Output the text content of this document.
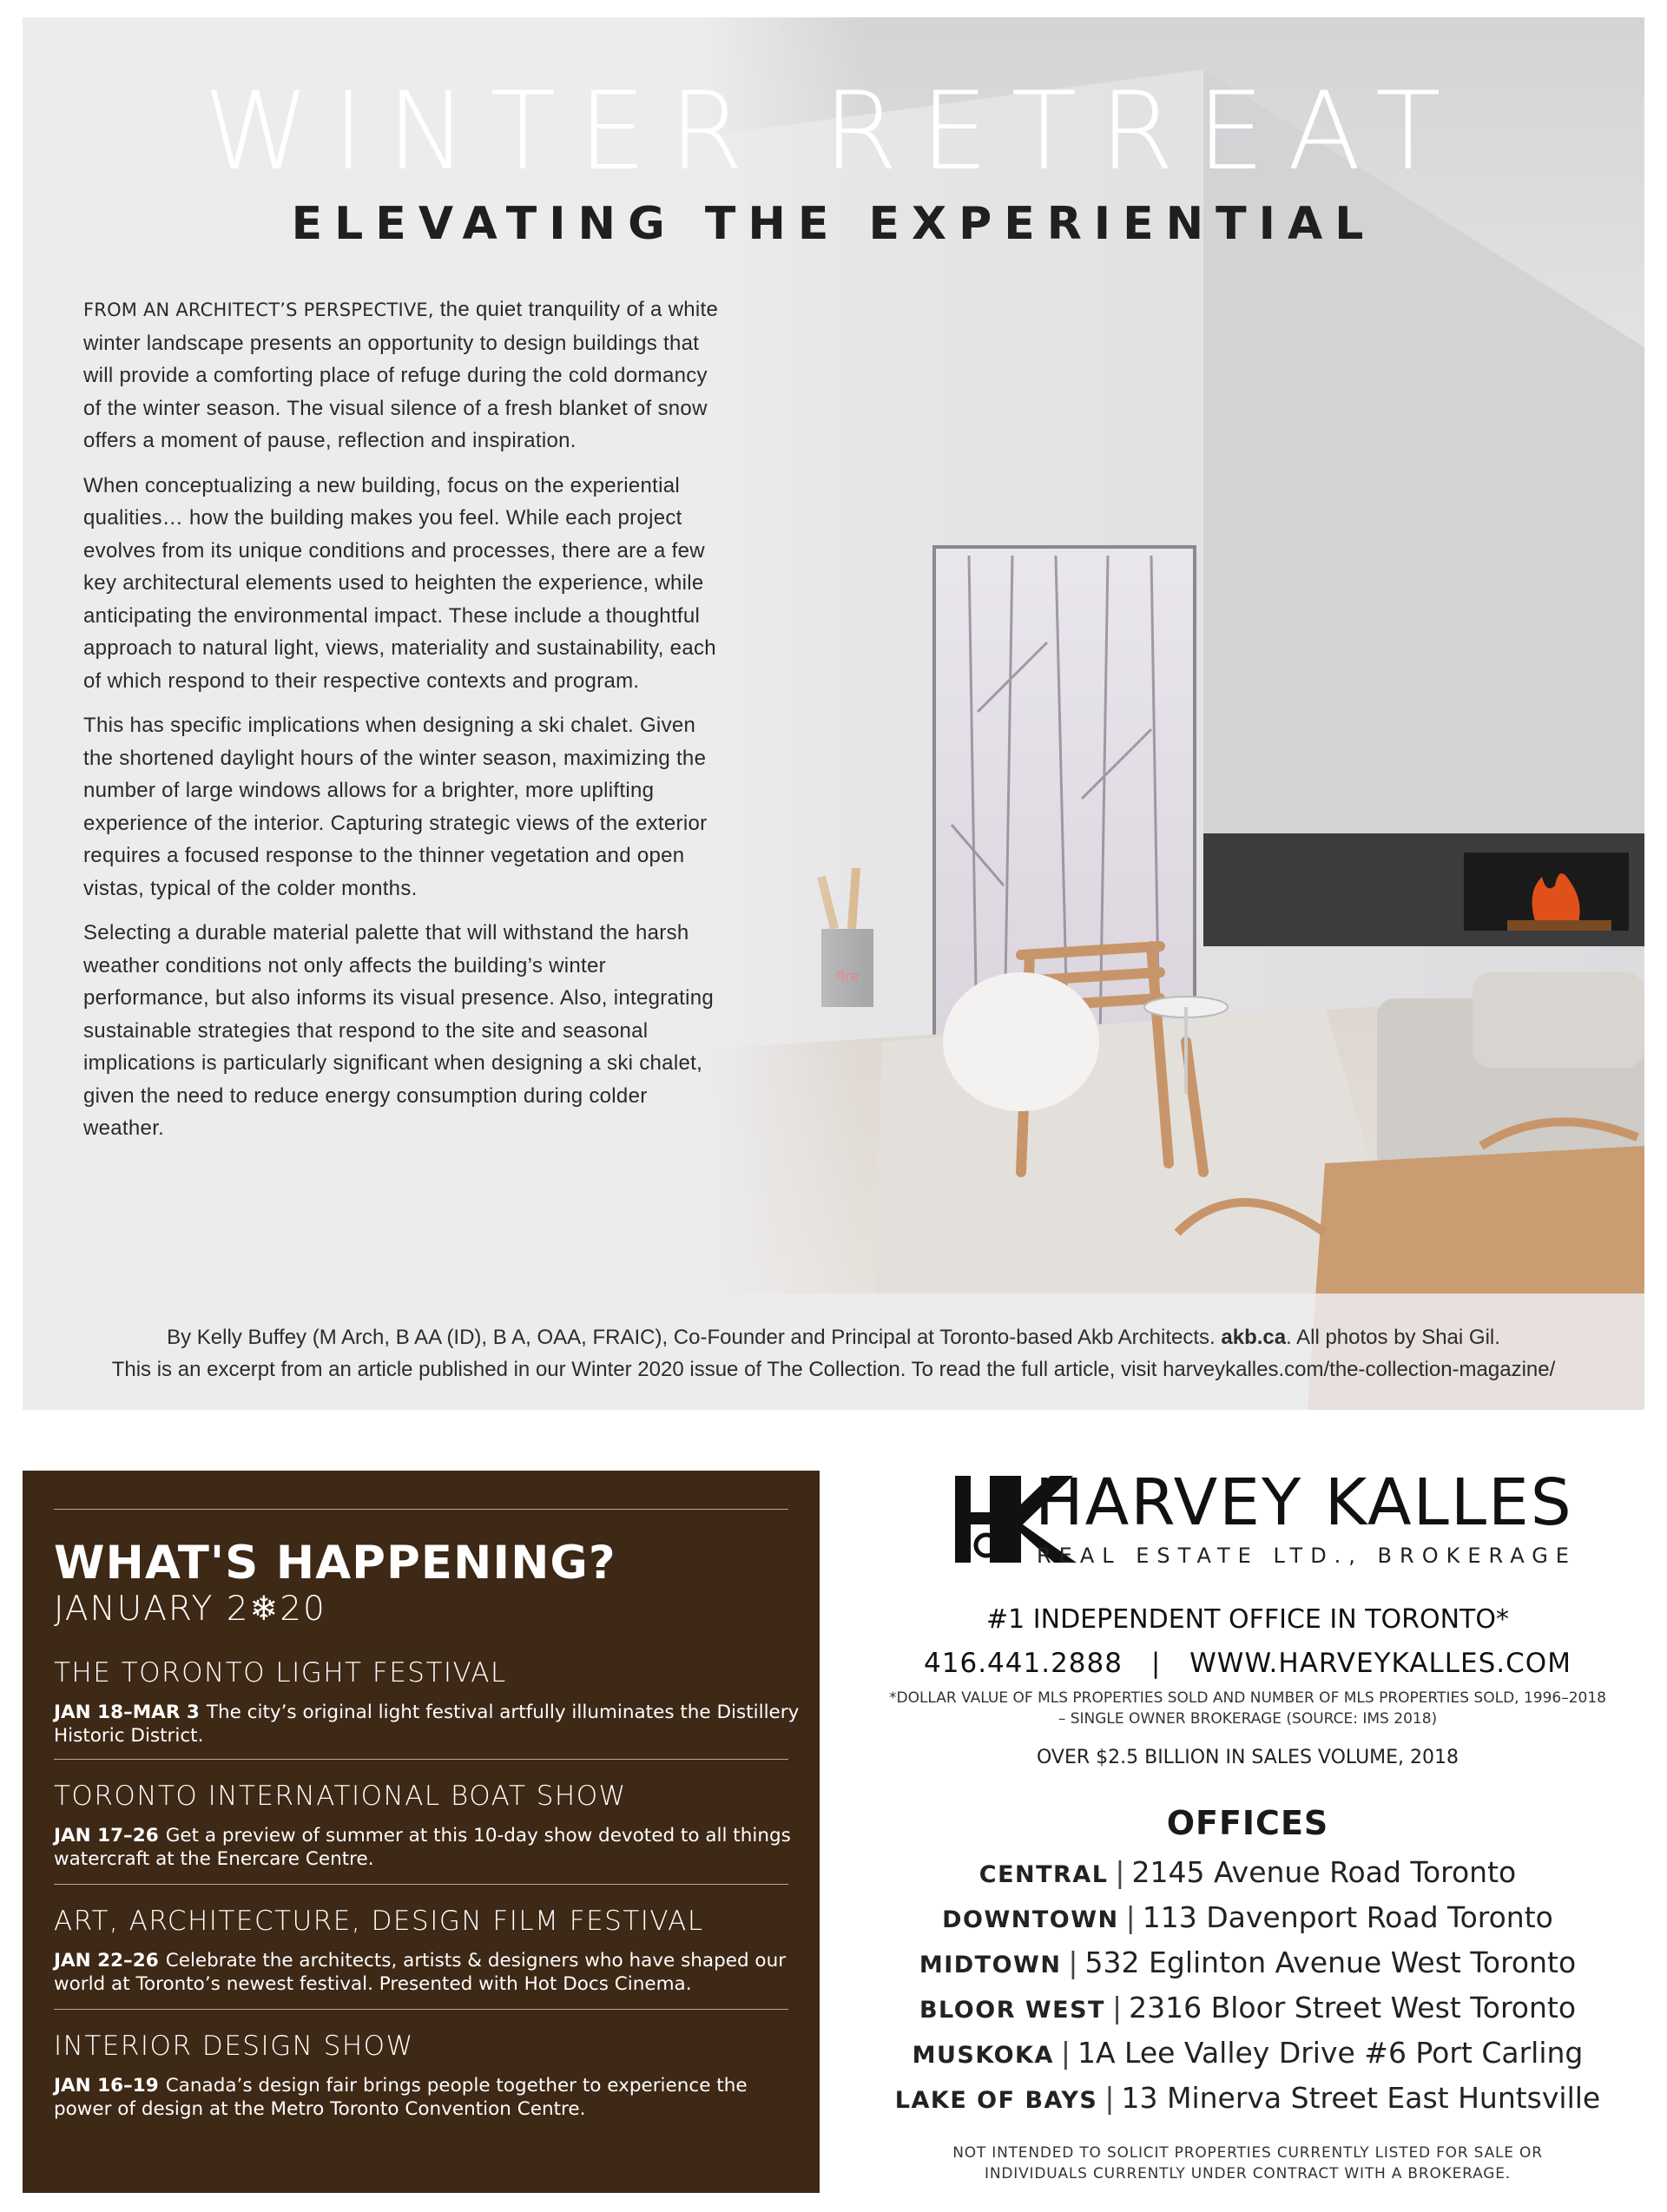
WINTER RETREAT
ELEVATING THE EXPERIENTIAL

FROM AN ARCHITECT’S PERSPECTIVE, the quiet tranquility of a white winter landscape presents an opportunity to design buildings that will provide a comforting place of refuge during the cold dormancy of the winter season. The visual silence of a fresh blanket of snow offers a moment of pause, reflection and inspiration.

When conceptualizing a new building, focus on the experiential qualities… how the building makes you feel. While each project evolves from its unique conditions and processes, there are a few key architectural elements used to heighten the experience, while anticipating the environmental impact. These include a thoughtful approach to natural light, views, materiality and sustainability, each of which respond to their respective contexts and program.

This has specific implications when designing a ski chalet. Given the shortened daylight hours of the winter season, maximizing the number of large windows allows for a brighter, more uplifting experience of the interior. Capturing strategic views of the exterior requires a focused response to the thinner vegetation and open vistas, typical of the colder months.

Selecting a durable material palette that will withstand the harsh weather conditions not only affects the building’s winter performance, but also informs its visual presence. Also, integrating sustainable strategies that respond to the site and seasonal implications is particularly significant when designing a ski chalet, given the need to reduce energy consumption during colder weather.

By Kelly Buffey (M Arch, B AA (ID), B A, OAA, FRAIC), Co-Founder and Principal at Toronto-based Akb Architects. akb.ca. All photos by Shai Gil.
This is an excerpt from an article published in our Winter 2020 issue of The Collection. To read the full article, visit harveykalles.com/the-collection-magazine/
WHAT'S HAPPENING?
JANUARY 2❄20
THE TORONTO LIGHT FESTIVAL
JAN 18–MAR 3 The city’s original light festival artfully illuminates the Distillery Historic District.
TORONTO INTERNATIONAL BOAT SHOW
JAN 17–26 Get a preview of summer at this 10-day show devoted to all things watercraft at the Enercare Centre.
ART, ARCHITECTURE, DESIGN FILM FESTIVAL
JAN 22–26 Celebrate the architects, artists & designers who have shaped our world at Toronto’s newest festival. Presented with Hot Docs Cinema.
INTERIOR DESIGN SHOW
JAN 16–19 Canada’s design fair brings people together to experience the power of design at the Metro Toronto Convention Centre.
HARVEY KALLES
REAL ESTATE LTD., BROKERAGE
#1 INDEPENDENT OFFICE IN TORONTO*
416.441.2888 | WWW.HARVEYKALLES.COM
*DOLLAR VALUE OF MLS PROPERTIES SOLD AND NUMBER OF MLS PROPERTIES SOLD, 1996–2018 – SINGLE OWNER BROKERAGE (SOURCE: IMS 2018)
OVER $2.5 BILLION IN SALES VOLUME, 2018
OFFICES
CENTRAL | 2145 Avenue Road Toronto
DOWNTOWN | 113 Davenport Road Toronto
MIDTOWN | 532 Eglinton Avenue West Toronto
BLOOR WEST | 2316 Bloor Street West Toronto
MUSKOKA | 1A Lee Valley Drive #6 Port Carling
LAKE OF BAYS | 13 Minerva Street East Huntsville
NOT INTENDED TO SOLICIT PROPERTIES CURRENTLY LISTED FOR SALE OR INDIVIDUALS CURRENTLY UNDER CONTRACT WITH A BROKERAGE.
